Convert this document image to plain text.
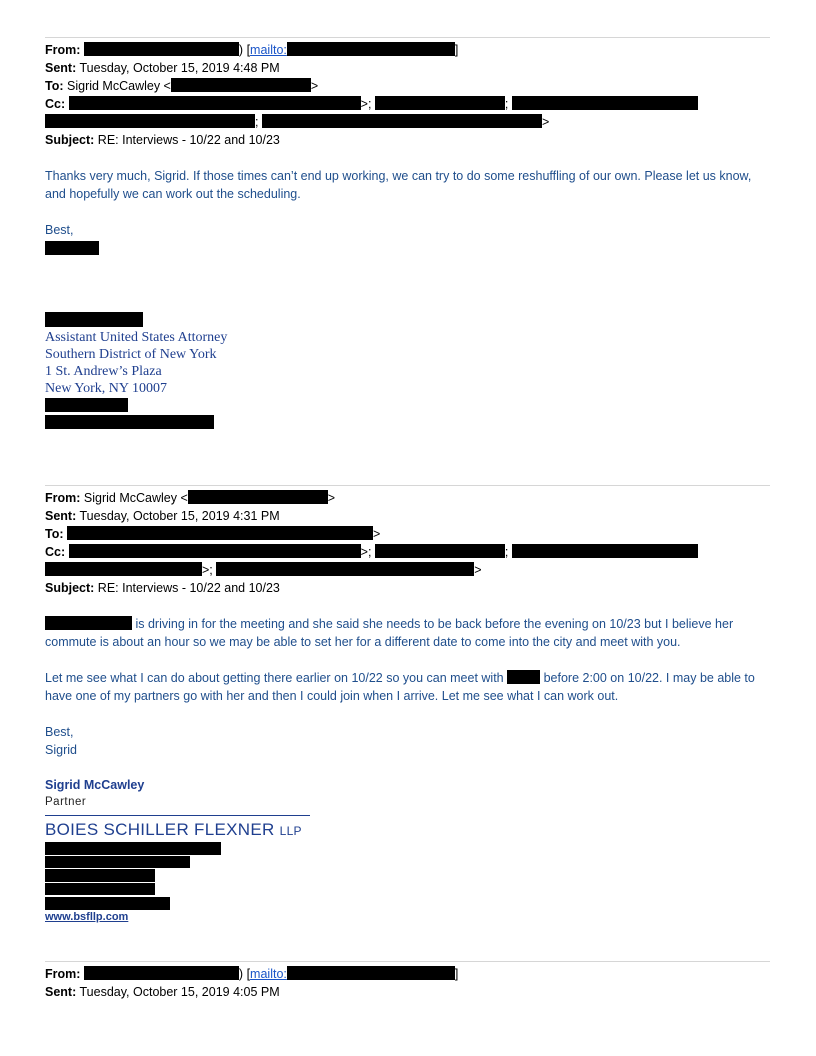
From:	) [mailto:	]
Sent: Tuesday, October 15, 2019 4:48 PM
To: Sigrid McCawley <	>
Cc:	>;	;
;	>
Subject: RE: Interviews - 10/22 and 10/23
Thanks very much, Sigrid. If those times can’t end up working, we can try to do some reshuffling of our own. Please let us know, and hopefully we can work out the scheduling.
Best,
Assistant United States Attorney
Southern District of New York
1 St. Andrew’s Plaza
New York, NY 10007
From: Sigrid McCawley <	>
Sent: Tuesday, October 15, 2019 4:31 PM
To:	>
Cc:	>;	;
>;	>
Subject: RE: Interviews - 10/22 and 10/23
is driving in for the meeting and she said she needs to be back before the evening on 10/23 but I believe her commute is about an hour so we may be able to set her for a different date to come into the city and meet with you.
Let me see what I can do about getting there earlier on 10/22 so you can meet with	before 2:00 on 10/22. I may be able to have one of my partners go with her and then I could join when I arrive. Let me see what I can work out.
Best,
Sigrid
Sigrid McCawley
Partner
BOIES SCHILLER FLEXNER LLP
www.bsfllp.com
From:	) [mailto:	]
Sent: Tuesday, October 15, 2019 4:05 PM
